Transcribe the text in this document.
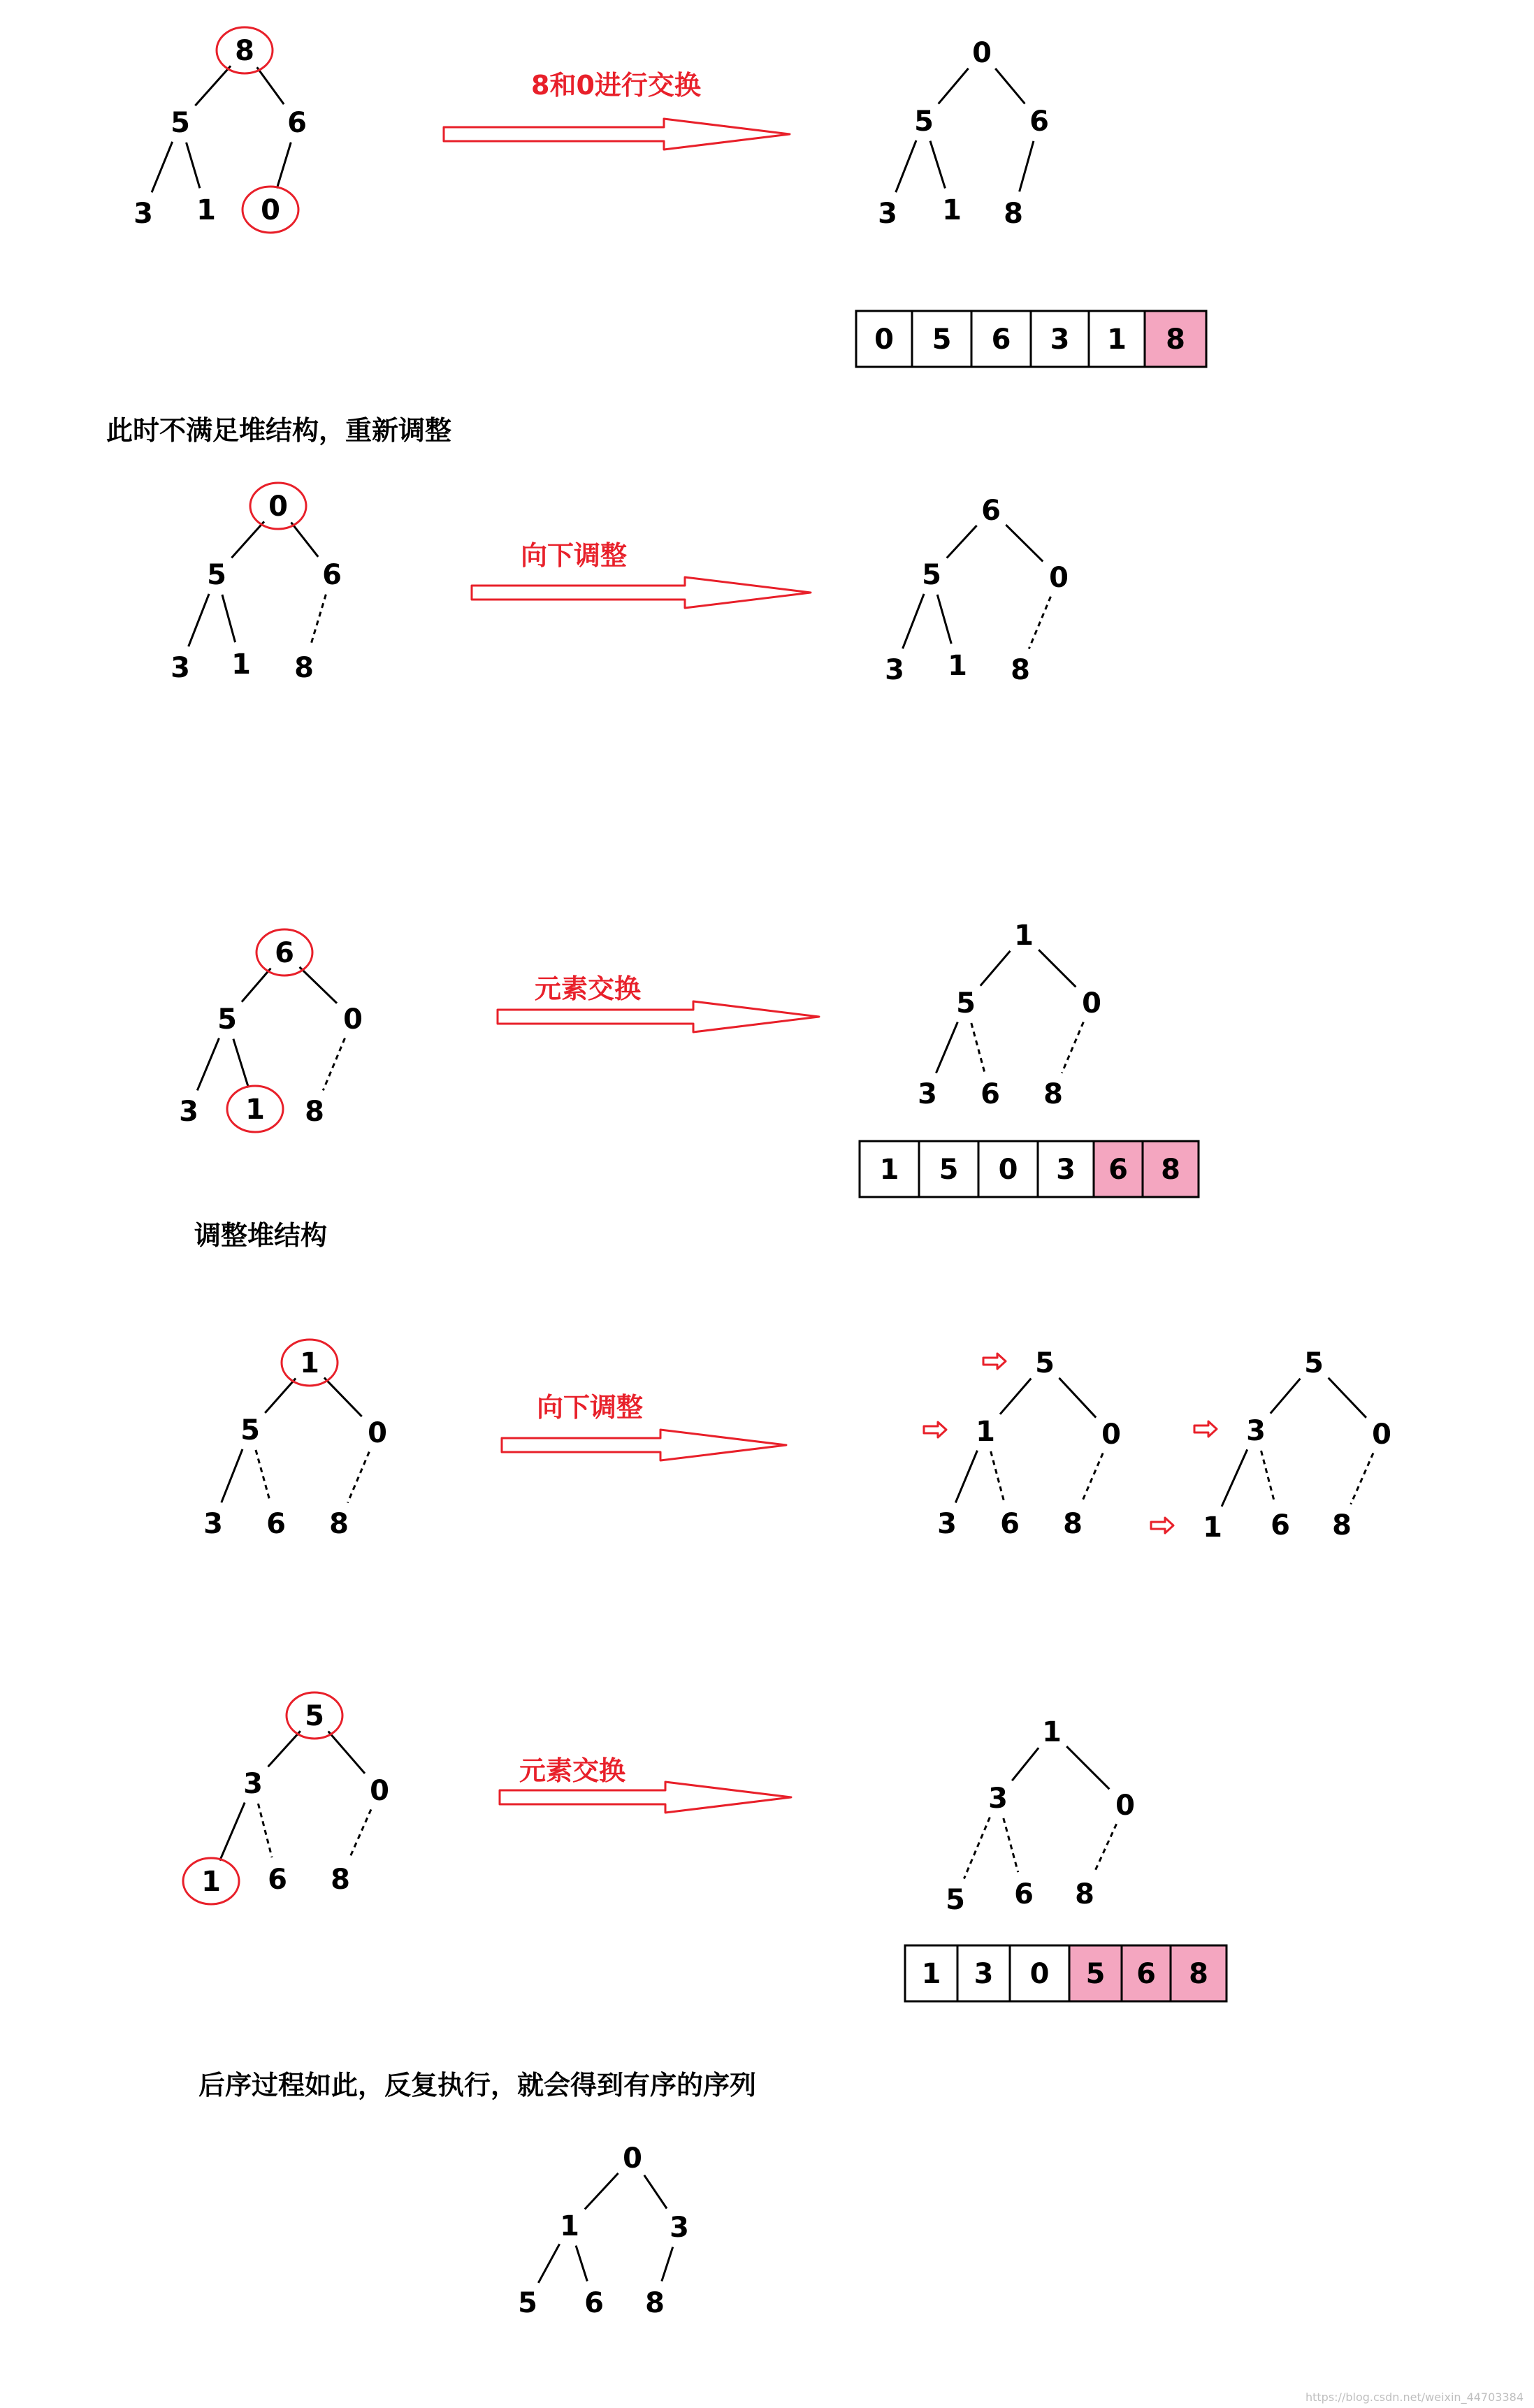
8和0进行交换
向下调整
元素交换
向下调整
元素交换
8
5	6
3 1 0
0
5	6
3 1 8
0
5	6
3 1 8
6
5	0
3 1 8
6
5	0
3 1 8
1
5	0
3 6 8
1
5	0
3 6 8
5
1	0
3 6 8
5
3	0
1 6 8
5
3	0
1 6 8
1
3	0
5 6 8
0
1	3
5 6 8
0 5 6 3 1 8
1 5 0 3 6 8
1 3 0 5 6 8
https://blog.csdn.net/weixin_44703384
此时不满足堆结构，重新调整
调整堆结构
后序过程如此，反复执行，就会得到有序的序列
